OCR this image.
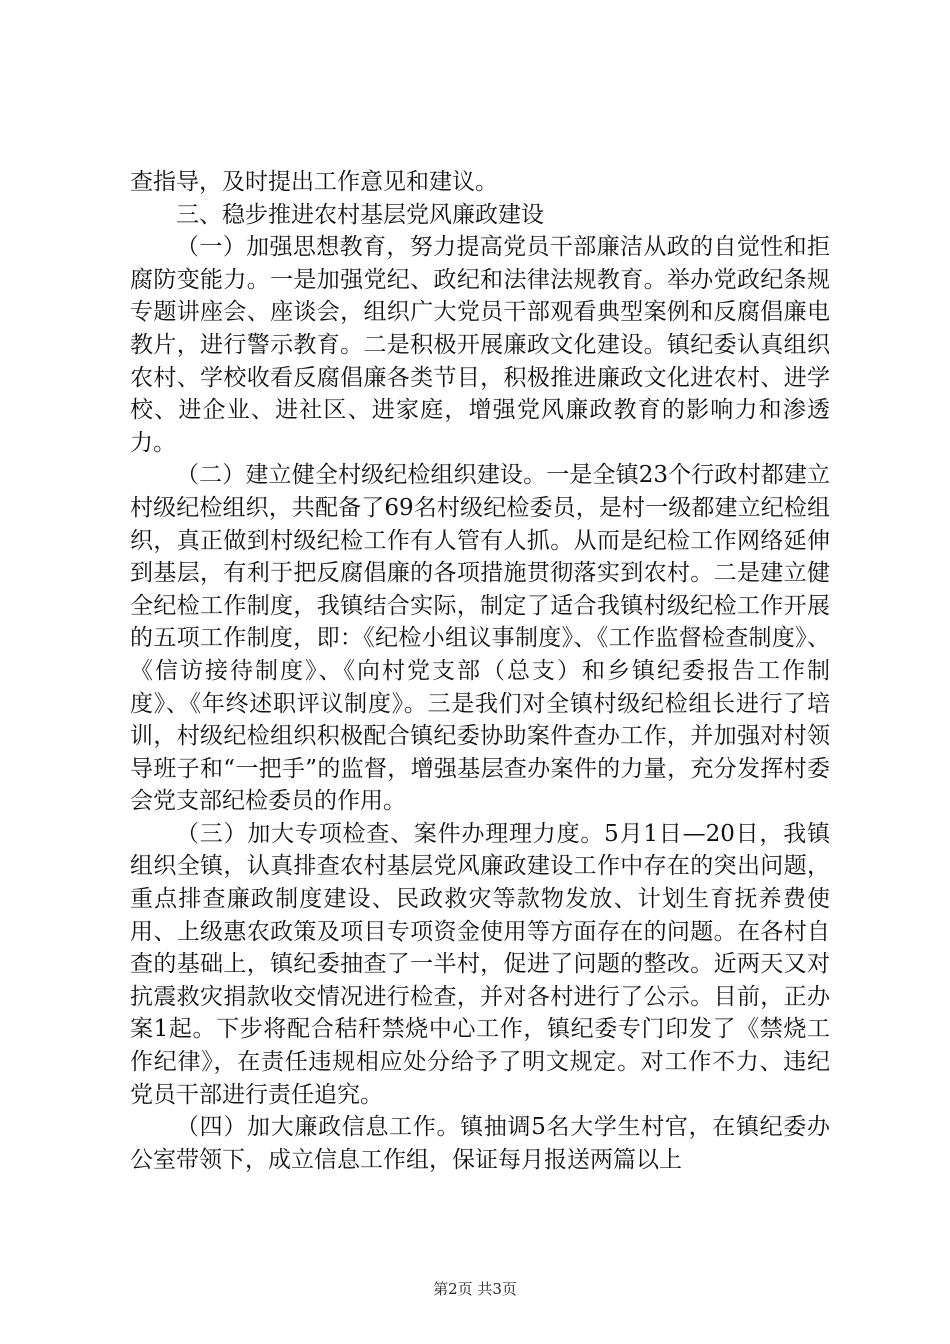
查指导，及时提出工作意见和建议。

三、稳步推进农村基层党风廉政建设

（一）加强思想教育，努力提高党员干部廉洁从政的自觉性和拒腐防变能力。一是加强党纪、政纪和法律法规教育。举办党政纪条规专题讲座会、座谈会，组织广大党员干部观看典型案例和反腐倡廉电教片，进行警示教育。二是积极开展廉政文化建设。镇纪委认真组织农村、学校收看反腐倡廉各类节目，积极推进廉政文化进农村、进学校、进企业、进社区、进家庭，增强党风廉政教育的影响力和渗透力。

（二）建立健全村级纪检组织建设。一是全镇23个行政村都建立村级纪检组织，共配备了69名村级纪检委员，是村一级都建立纪检组织，真正做到村级纪检工作有人管有人抓。从而是纪检工作网络延伸到基层，有利于把反腐倡廉的各项措施贯彻落实到农村。二是建立健全纪检工作制度，我镇结合实际，制定了适合我镇村级纪检工作开展的五项工作制度，即：《纪检小组议事制度》、《工作监督检查制度》、《信访接待制度》、《向村党支部（总支）和乡镇纪委报告工作制度》、《年终述职评议制度》。三是我们对全镇村级纪检组长进行了培训，村级纪检组织积极配合镇纪委协助案件查办工作，并加强对村领导班子和“一把手”的监督，增强基层查办案件的力量，充分发挥村委会党支部纪检委员的作用。

（三）加大专项检查、案件办理理力度。5月1日—20日，我镇组织全镇，认真排查农村基层党风廉政建设工作中存在的突出问题，重点排查廉政制度建设、民政救灾等款物发放、计划生育抚养费使用、上级惠农政策及项目专项资金使用等方面存在的问题。在各村自查的基础上，镇纪委抽查了一半村，促进了问题的整改。近两天又对抗震救灾捐款收交情况进行检查，并对各村进行了公示。目前，正办案1起。下步将配合秸秆禁烧中心工作，镇纪委专门印发了《禁烧工作纪律》，在责任违规相应处分给予了明文规定。对工作不力、违纪党员干部进行责任追究。

（四）加大廉政信息工作。镇抽调5名大学生村官，在镇纪委办公室带领下，成立信息工作组，保证每月报送两篇以上

第2页 共3页
